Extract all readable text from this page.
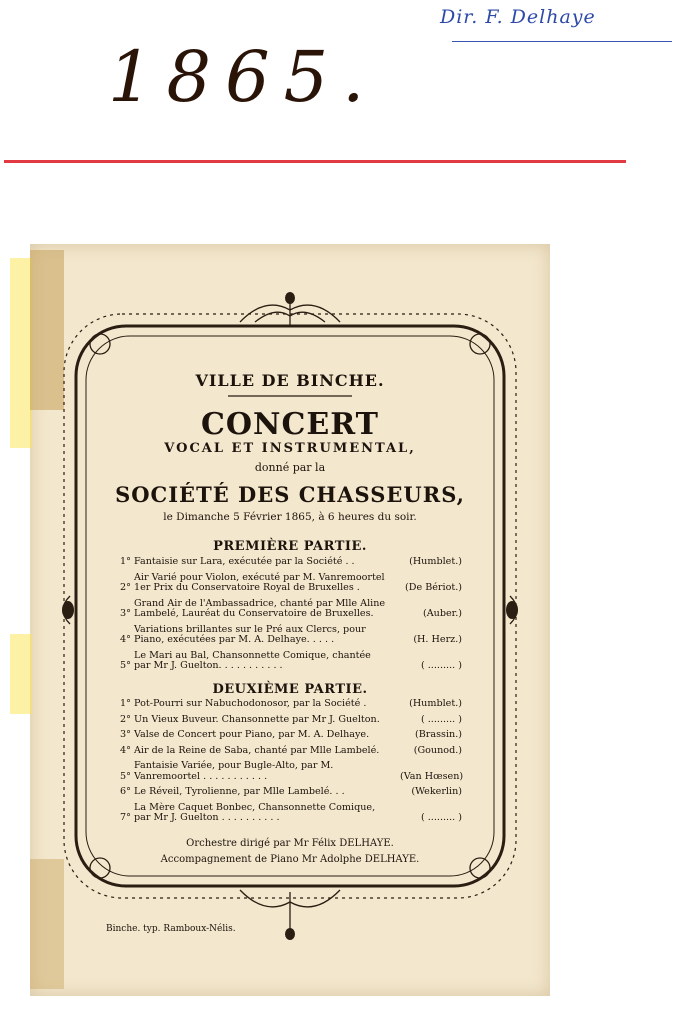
Dir. F. Delhaye
1865.
VILLE DE BINCHE.
CONCERT
VOCAL ET INSTRUMENTAL,
donné par la
SOCIÉTÉ DES CHASSEURS,
le Dimanche 5 Février 1865, à 6 heures du soir.
PREMIÈRE PARTIE.
1° Fantaisie sur Lara, exécutée par la Société . .	(Humblet.)
2°
Air Varié pour Violon, exécuté par M. Vanremoortel
1er Prix du Conservatoire Royal de Bruxelles .	(De Bériot.)
3°
Grand Air de l'Ambassadrice, chanté par Mlle Aline
Lambelé, Lauréat du Conservatoire de Bruxelles.	(Auber.)
4°
Variations brillantes sur le Pré aux Clercs, pour
Piano, exécutées par M. A. Delhaye. . . . .	(H. Herz.)
5°
Le Mari au Bal, Chansonnette Comique, chantée
par Mr J. Guelton. . . . . . . . . . .	( ......... )
DEUXIÈME PARTIE.
1° Pot-Pourri sur Nabuchodonosor, par la Société .	(Humblet.)
2° Un Vieux Buveur. Chansonnette par Mr J. Guelton.	( ......... )
3° Valse de Concert pour Piano, par M. A. Delhaye.	(Brassin.)
4° Air de la Reine de Saba, chanté par Mlle Lambelé.	(Gounod.)
5°
Fantaisie Variée, pour Bugle-Alto, par M.
Vanremoortel . . . . . . . . . . .	(Van Hœsen)
6° Le Réveil, Tyrolienne, par Mlle Lambelé. . .	(Wekerlin)
7°
La Mère Caquet Bonbec, Chansonnette Comique,
par Mr J. Guelton . . . . . . . . . .	( ......... )
Orchestre dirigé par Mr Félix DELHAYE.
Accompagnement de Piano Mr Adolphe DELHAYE.
Binche. typ. Ramboux-Nélis.
